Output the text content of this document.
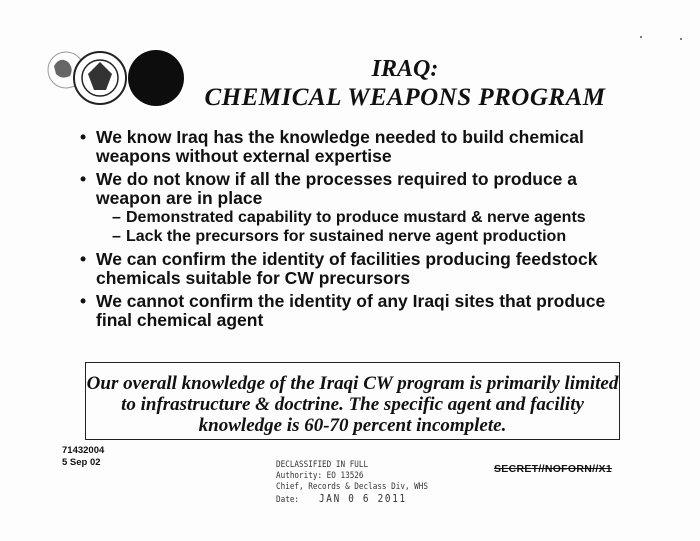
IRAQ:
CHEMICAL WEAPONS PROGRAM
• We know Iraq has the knowledge needed to build chemical weapons without external expertise
• We do not know if all the processes required to produce a weapon are in place
– Demonstrated capability to produce mustard & nerve agents
– Lack the precursors for sustained nerve agent production
• We can confirm the identity of facilities producing feedstock chemicals suitable for CW precursors
• We cannot confirm the identity of any Iraqi sites that produce final chemical agent
Our overall knowledge of the Iraqi CW program is primarily limited to infrastructure & doctrine. The specific agent and facility knowledge is 60-70 percent incomplete.
71432004
5 Sep 02	DECLASSIFIED IN FULL
Authority: EO 13526
Chief, Records & Declass Div, WHS
Date: JAN 0 6 2011
SECRET//NOFORN//X1
